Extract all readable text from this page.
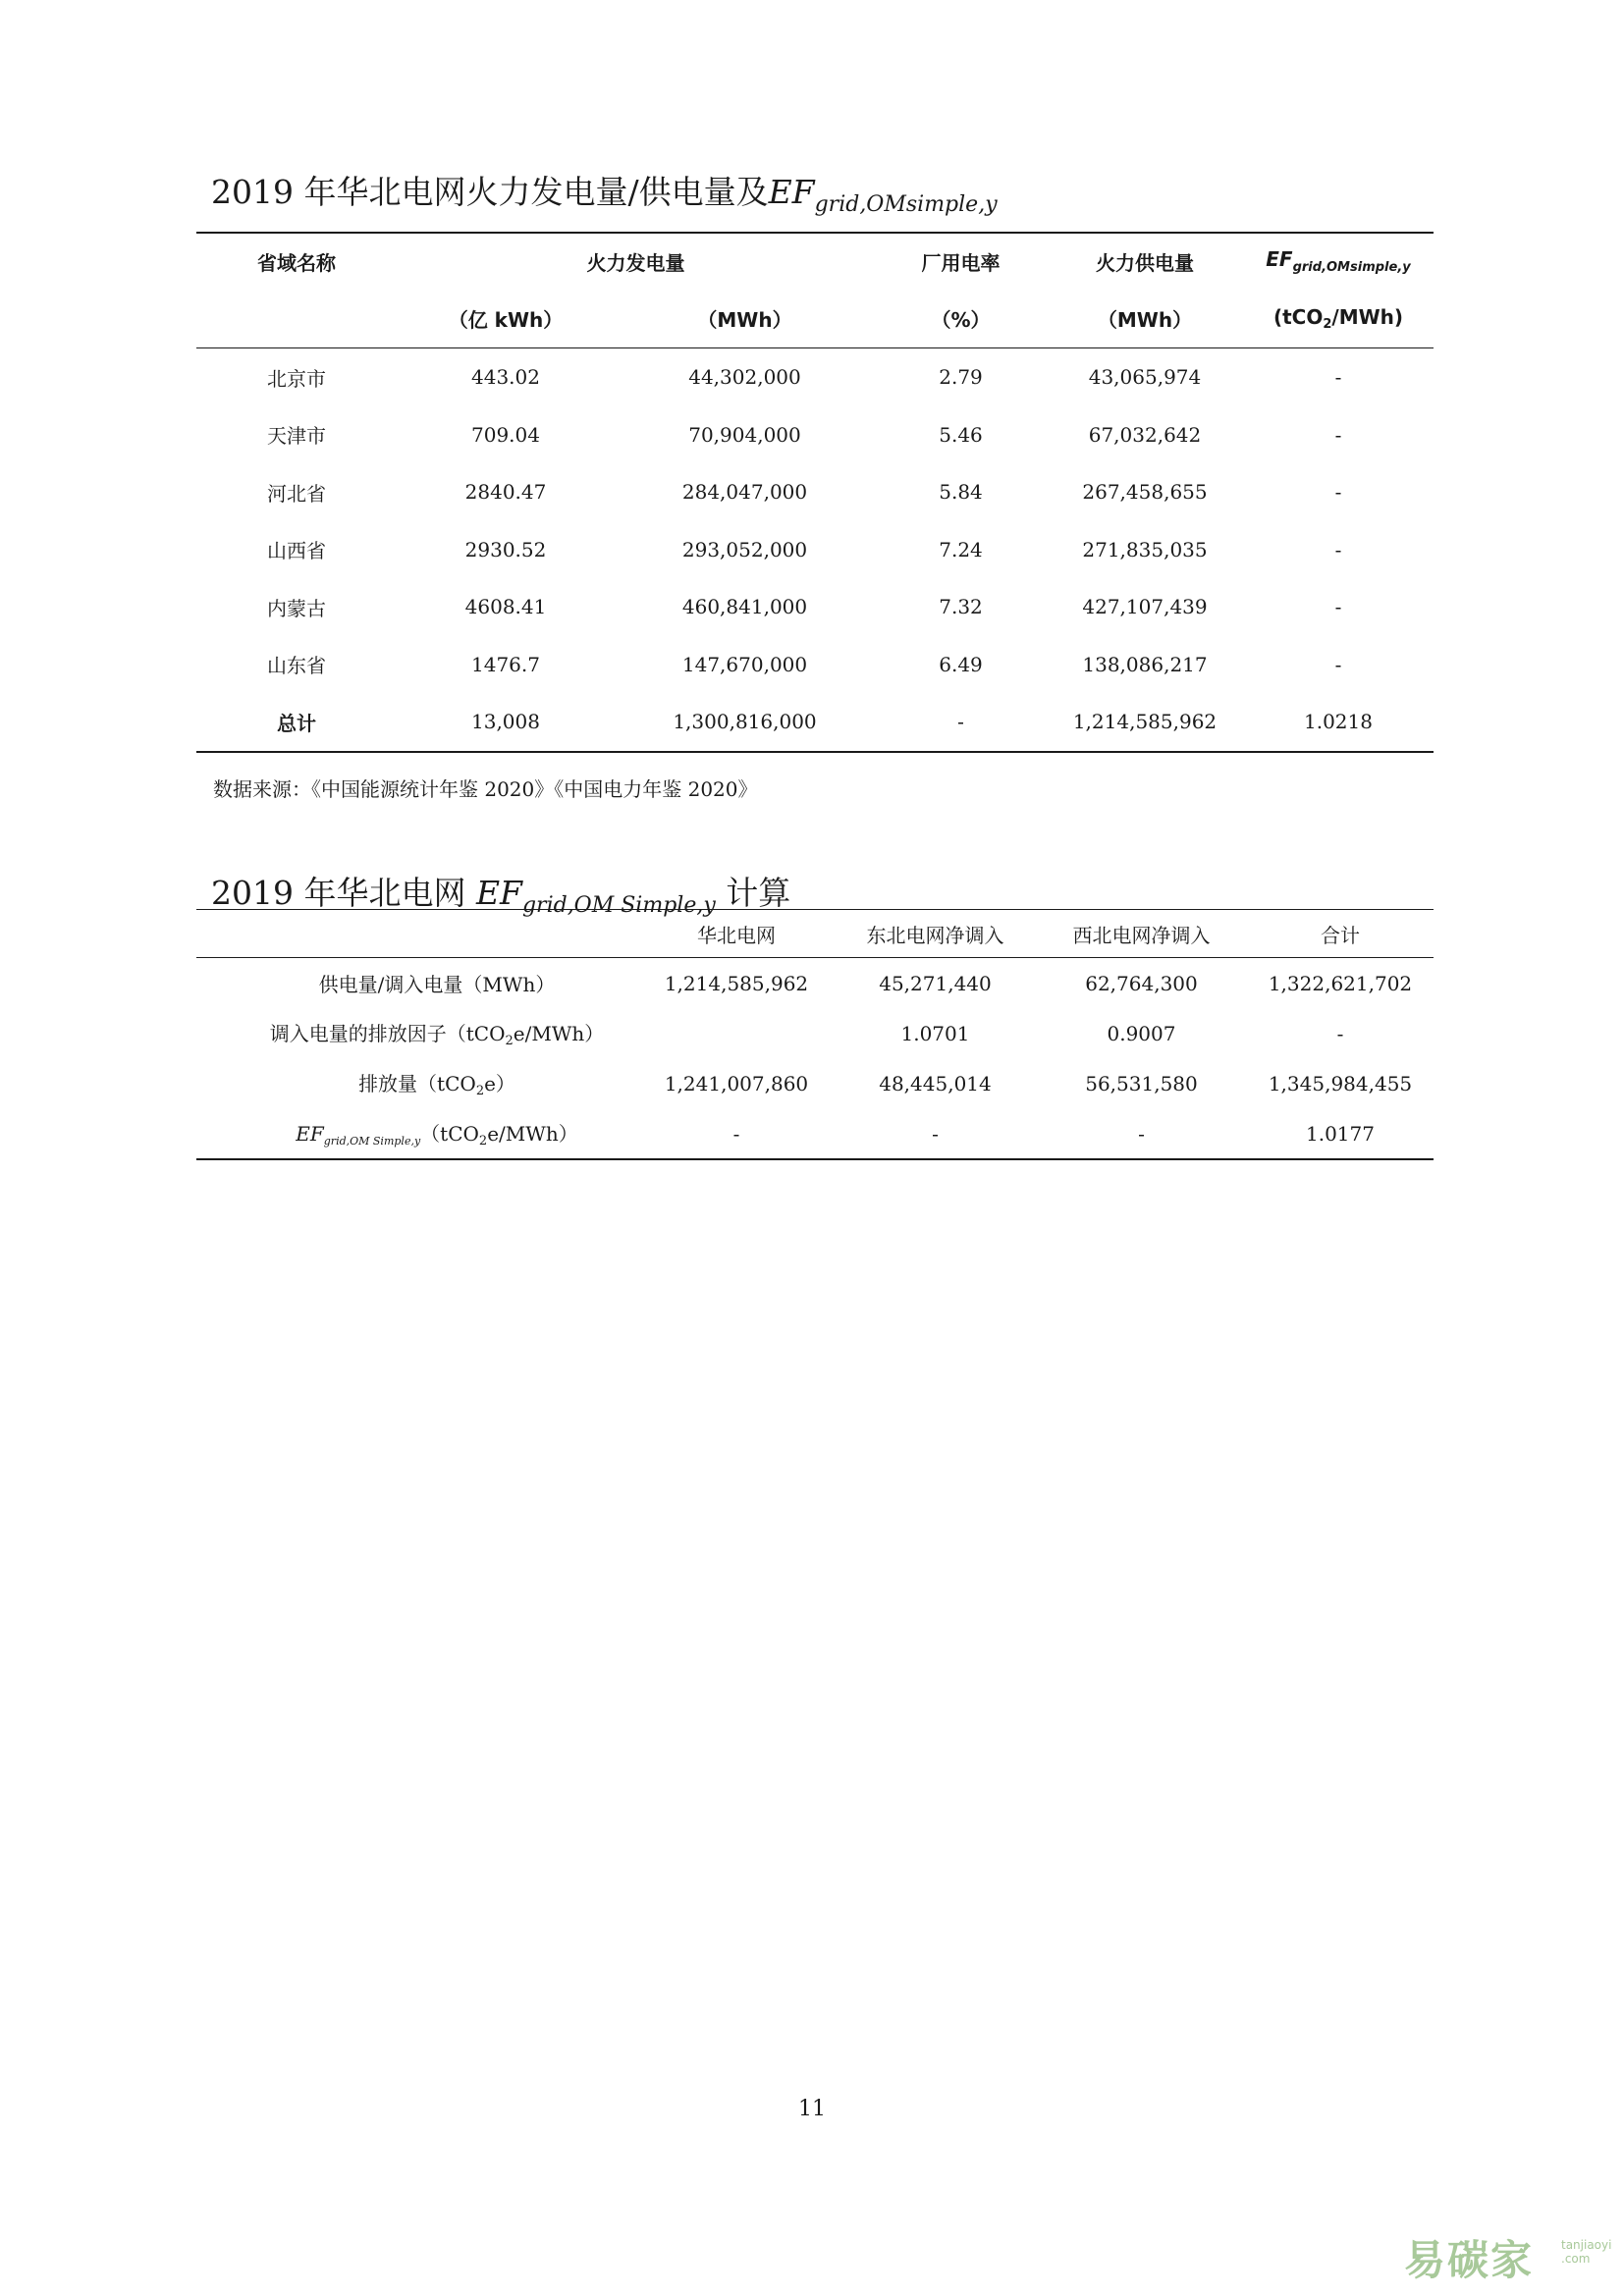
2019 年华北电网火力发电量/供电量及$EF_{grid,OMsimple,y}$
省域名称	火力发电量		厂用电率	火力供电量	$EF_{grid,OMsimple,y}$
	（亿 kWh）	（MWh）	（%）	（MWh）	(tCO$_2$/MWh)
北京市	443.02	44,302,000	2.79	43,065,974	-
天津市	709.04	70,904,000	5.46	67,032,642	-
河北省	2840.47	284,047,000	5.84	267,458,655	-
山西省	2930.52	293,052,000	7.24	271,835,035	-
内蒙古	4608.41	460,841,000	7.32	427,107,439	-
山东省	1476.7	147,670,000	6.49	138,086,217	-
总计	13,008	1,300,816,000	-	1,214,585,962	1.0218
数据来源：《中国能源统计年鉴 2020》《中国电力年鉴 2020》
2019 年华北电网 $EF_{grid,OM Simple,y}$ 计算
	华北电网	东北电网净调入	西北电网净调入	合计
供电量/调入电量（MWh）	1,214,585,962	45,271,440	62,764,300	1,322,621,702
调入电量的排放因子（tCO$_2$e/MWh）		1.0701	0.9007	-
排放量（tCO$_2$e）	1,241,007,860	48,445,014	56,531,580	1,345,984,455
$EF_{grid,OM Simple,y}(tCO_2e/MWh)$	-	-	-	1.0177
11
易碳家 tanjiaoyi
.com
